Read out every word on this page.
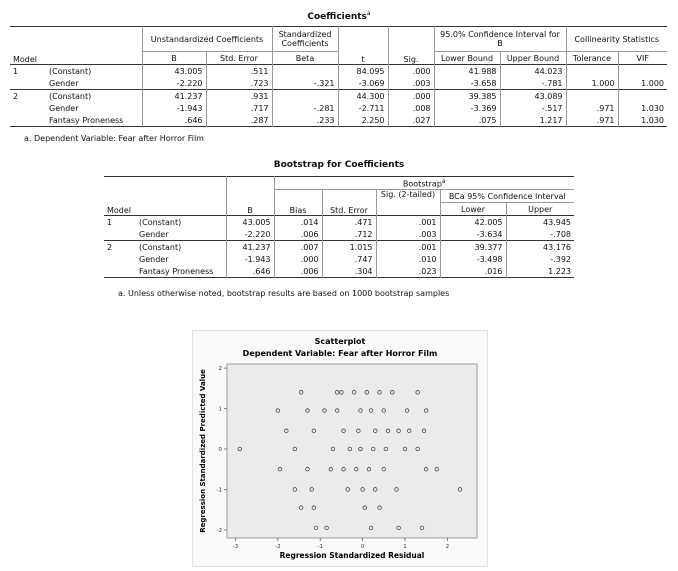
Coefficients$^a$
Model		Unstandardized Coefficients		Standardized Coefficients	t	Sig.	95.0% Confidence Interval for B		Collinearity Statistics	
		B	Std. Error	Beta			Lower Bound	Upper Bound	Tolerance	VIF
1	(Constant)	43.005	.511		84.095	.000	41.988	44.023		
	Gender	-2.220	.723	-.321	-3.069	.003	-3.658	-.781	1.000	1.000
2	(Constant)	41.237	.931		44.300	.000	39.385	43.089		
	Gender	-1.943	.717	-.281	-2.711	.008	-3.369	-.517	.971	1.030
	Fantasy Proneness	.646	.287	.233	2.250	.027	.075	1.217	.971	1.030
a. Dependent Variable: Fear after Horror Film
Bootstrap for Coefficients
Model		B	Bootstrap$^a$
			Bias	Std. Error	Sig. (2-tailed)	BCa 95% Confidence Interval	
						Lower	Upper
1	(Constant)	43.005	.014	.471	.001	42.005	43.945
	Gender	-2.220	.006	.712	.003	-3.634	-.708
2	(Constant)	41.237	.007	1.015	.001	39.377	43.176
	Gender	-1.943	.000	.747	.010	-3.498	-.392
	Fantasy Proneness	.646	.006	.304	.023	.016	1.223
a. Unless otherwise noted, bootstrap results are based on 1000 bootstrap samples
Scatterplot
Dependent Variable: Fear after Horror Film
-3	-2	-1	0	1	2
-2
-1
0
1
2
Regression Standardized Residual
Regression Standardized Predicted Value
